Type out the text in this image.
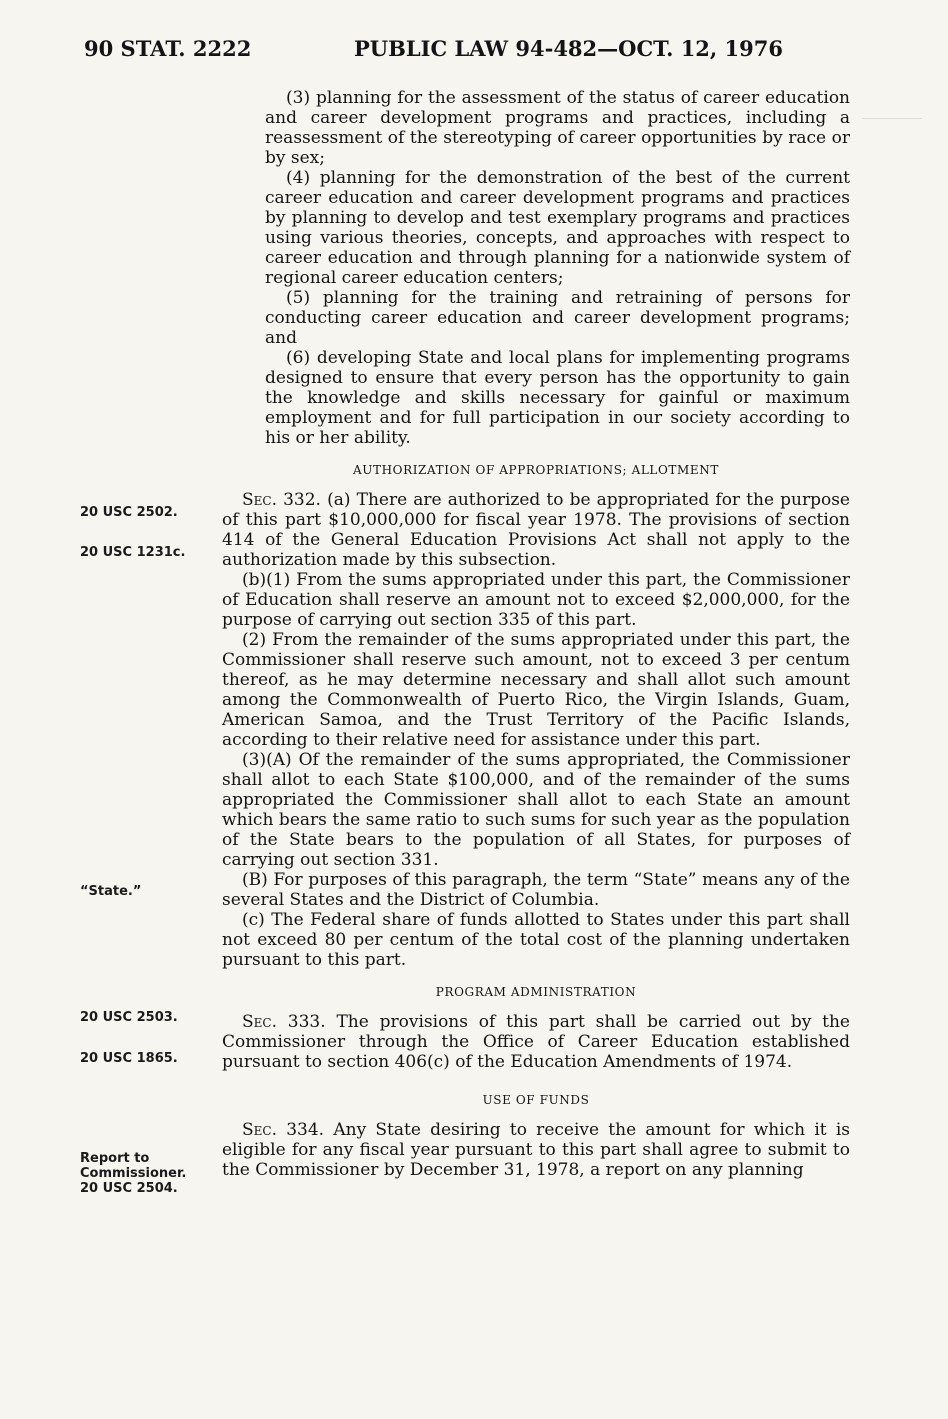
90 STAT. 2222	PUBLIC LAW 94-482—OCT. 12, 1976

(3) planning for the assessment of the status of career education and career development programs and practices, including a reassessment of the stereotyping of career opportunities by race or by sex;

(4) planning for the demonstration of the best of the current career education and career development programs and practices by planning to develop and test exemplary programs and practices using various theories, concepts, and approaches with respect to career education and through planning for a nationwide system of regional career education centers;

(5) planning for the training and retraining of persons for conducting career education and career development programs; and

(6) developing State and local plans for implementing programs designed to ensure that every person has the opportunity to gain the knowledge and skills necessary for gainful or maximum employment and for full participation in our society according to his or her ability.

AUTHORIZATION OF APPROPRIATIONS; ALLOTMENT

Sec. 332. (a) There are authorized to be appropriated for the purpose of this part $10,000,000 for fiscal year 1978. The provisions of section 414 of the General Education Provisions Act shall not apply to the authorization made by this subsection.

(b)(1) From the sums appropriated under this part, the Commissioner of Education shall reserve an amount not to exceed $2,000,000, for the purpose of carrying out section 335 of this part.

(2) From the remainder of the sums appropriated under this part, the Commissioner shall reserve such amount, not to exceed 3 per centum thereof, as he may determine necessary and shall allot such amount among the Commonwealth of Puerto Rico, the Virgin Islands, Guam, American Samoa, and the Trust Territory of the Pacific Islands, according to their relative need for assistance under this part.

(3)(A) Of the remainder of the sums appropriated, the Commissioner shall allot to each State $100,000, and of the remainder of the sums appropriated the Commissioner shall allot to each State an amount which bears the same ratio to such sums for such year as the population of the State bears to the population of all States, for purposes of carrying out section 331.

(B) For purposes of this paragraph, the term “State” means any of the several States and the District of Columbia.

(c) The Federal share of funds allotted to States under this part shall not exceed 80 per centum of the total cost of the planning undertaken pursuant to this part.

PROGRAM ADMINISTRATION

Sec. 333. The provisions of this part shall be carried out by the Commissioner through the Office of Career Education established pursuant to section 406(c) of the Education Amendments of 1974.

USE OF FUNDS

Sec. 334. Any State desiring to receive the amount for which it is eligible for any fiscal year pursuant to this part shall agree to submit to the Commissioner by December 31, 1978, a report on any planning

20 USC 2502.
20 USC 1231c.
“State.”
20 USC 2503.
20 USC 1865.
Report to
Commissioner.
20 USC 2504.
